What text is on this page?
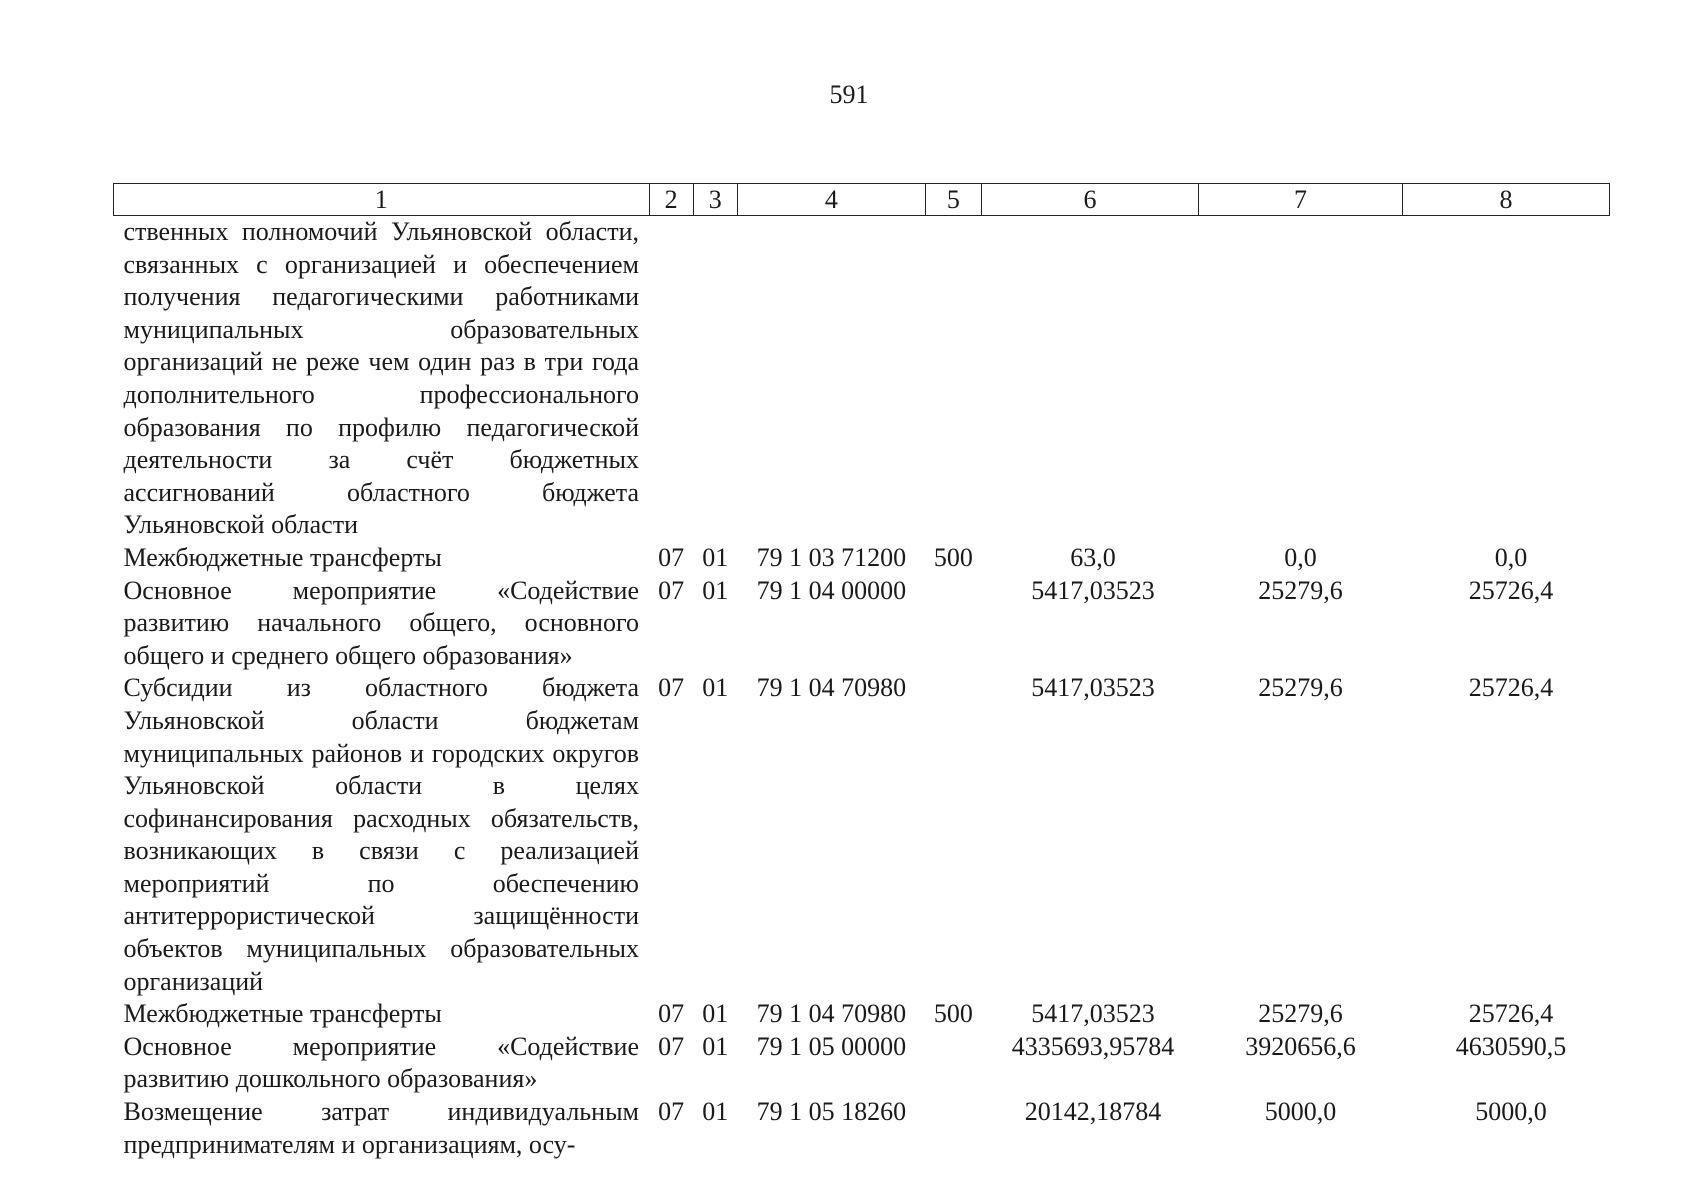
591
1	2	3	4	5	6	7	8
ственных полномочий Ульяновской области, связанных с организацией и обеспечением получения педагогическими работниками муниципальных образовательных организаций не реже чем один раз в три года дополнительного профессионального образования по профилю педагогической деятельности за счёт бюджетных ассигнований областного бюджета Ульяновской области							
Межбюджетные трансферты	07	01	79 1 03 71200	500	63,0	0,0	0,0
Основное мероприятие «Содействие развитию начального общего, основного общего и среднего общего образования»	07	01	79 1 04 00000		5417,03523	25279,6	25726,4
Субсидии из областного бюджета Ульяновской области бюджетам муниципальных районов и городских округов Ульяновской области в целях софинансирования расходных обязательств, возникающих в связи с реализацией мероприятий по обеспечению антитеррористической защищённости объектов муниципальных образовательных организаций	07	01	79 1 04 70980		5417,03523	25279,6	25726,4
Межбюджетные трансферты	07	01	79 1 04 70980	500	5417,03523	25279,6	25726,4
Основное мероприятие «Содействие развитию дошкольного образования»	07	01	79 1 05 00000		4335693,95784	3920656,6	4630590,5
Возмещение затрат индивидуальным предпринимателям и организациям, осу-	07	01	79 1 05 18260		20142,18784	5000,0	5000,0
